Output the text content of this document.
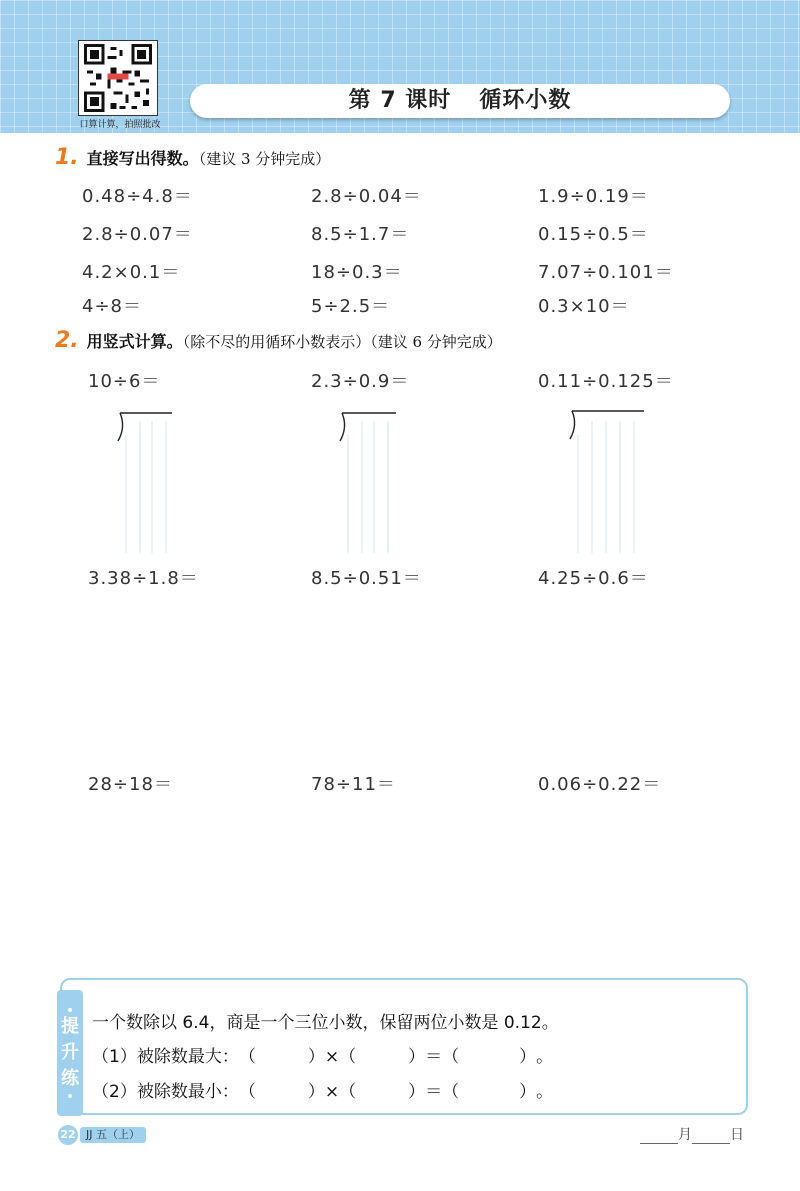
口算计算，拍照批改
第 7 课时 循环小数
1. 直接写出得数。（建议 3 分钟完成）
0.48÷4.8＝	2.8÷0.04＝	1.9÷0.19＝
2.8÷0.07＝	8.5÷1.7＝	0.15÷0.5＝
4.2×0.1＝	18÷0.3＝	7.07÷0.101＝
4÷8＝	5÷2.5＝	0.3×10＝
2. 用竖式计算。（除不尽的用循环小数表示）（建议 6 分钟完成）
10÷6＝	2.3÷0.9＝	0.11÷0.125＝
3.38÷1.8＝	8.5÷0.51＝	4.25÷0.6＝
28÷18＝	78÷11＝	0.06÷0.22＝
提
升
练
一个数除以 6.4，商是一个三位小数，保留两位小数是 0.12。
（1）被除数最大：（	）×（	）＝（	）。
（2）被除数最小：（	）×（	）＝（	）。
22 JJ 五（上）	月	日
